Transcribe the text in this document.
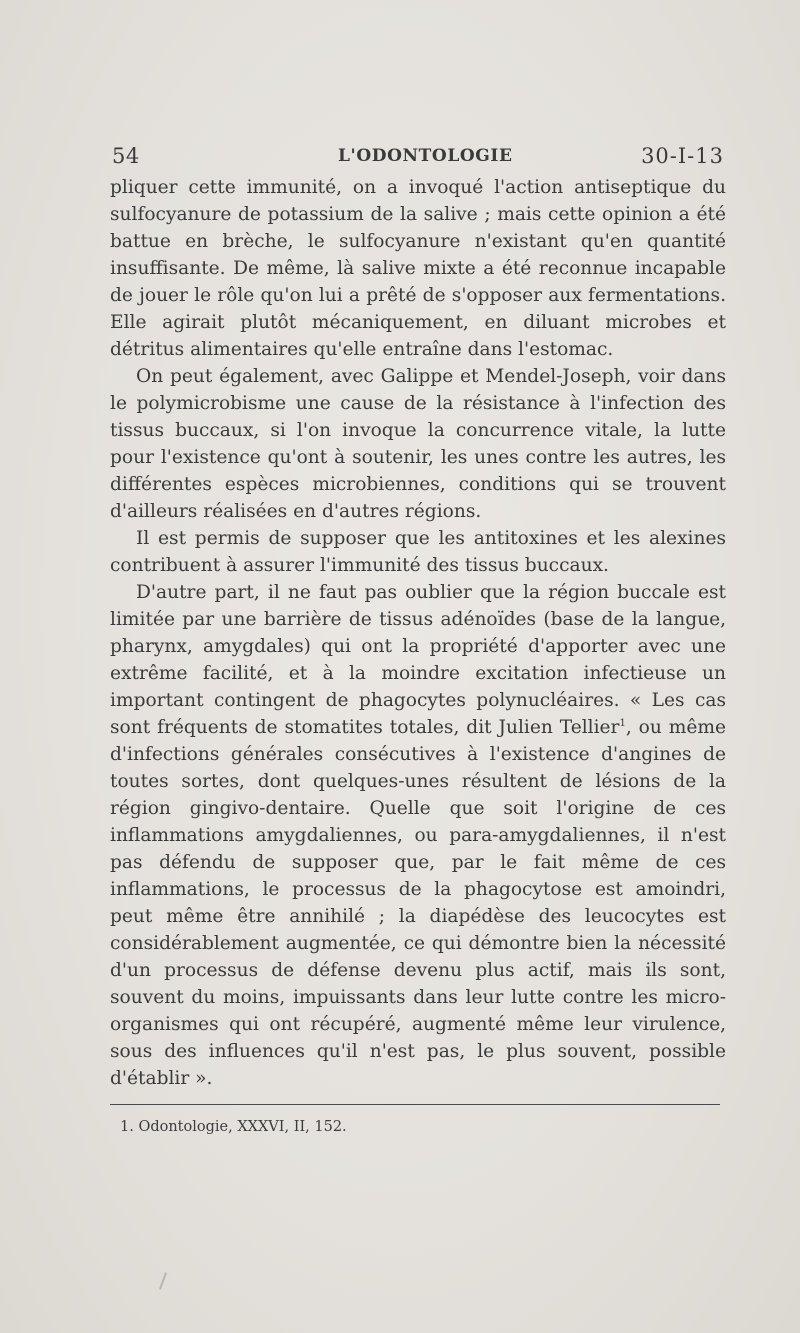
54	L'ODONTOLOGIE	30-I-13

pliquer cette immunité, on a invoqué l'action antiseptique du sulfocyanure de potassium de la salive ; mais cette opinion a été battue en brèche, le sulfocyanure n'existant qu'en quantité insuffisante. De même, là salive mixte a été reconnue incapable de jouer le rôle qu'on lui a prêté de s'opposer aux fermentations. Elle agirait plutôt mécaniquement, en diluant microbes et détritus alimentaires qu'elle entraîne dans l'estomac.

On peut également, avec Galippe et Mendel-Joseph, voir dans le polymicrobisme une cause de la résistance à l'infection des tissus buccaux, si l'on invoque la concurrence vitale, la lutte pour l'existence qu'ont à soutenir, les unes contre les autres, les différentes espèces microbiennes, conditions qui se trouvent d'ailleurs réalisées en d'autres régions.

Il est permis de supposer que les antitoxines et les alexines contribuent à assurer l'immunité des tissus buccaux.

D'autre part, il ne faut pas oublier que la région buccale est limitée par une barrière de tissus adénoïdes (base de la langue, pharynx, amygdales) qui ont la propriété d'apporter avec une extrême facilité, et à la moindre excitation infectieuse un important contingent de phagocytes polynucléaires. « Les cas sont fréquents de stomatites totales, dit Julien Tellier$^1$, ou même d'infections générales consécutives à l'existence d'angines de toutes sortes, dont quelques-unes résultent de lésions de la région gingivo-dentaire. Quelle que soit l'origine de ces inflammations amygdaliennes, ou para-amygdaliennes, il n'est pas défendu de supposer que, par le fait même de ces inflammations, le processus de la phagocytose est amoindri, peut même être annihilé ; la diapédèse des leucocytes est considérablement augmentée, ce qui démontre bien la nécessité d'un processus de défense devenu plus actif, mais ils sont, souvent du moins, impuissants dans leur lutte contre les micro-organismes qui ont récupéré, augmenté même leur virulence, sous des influences qu'il n'est pas, le plus souvent, possible d'établir ».

1. Odontologie, XXXVI, II, 152.
